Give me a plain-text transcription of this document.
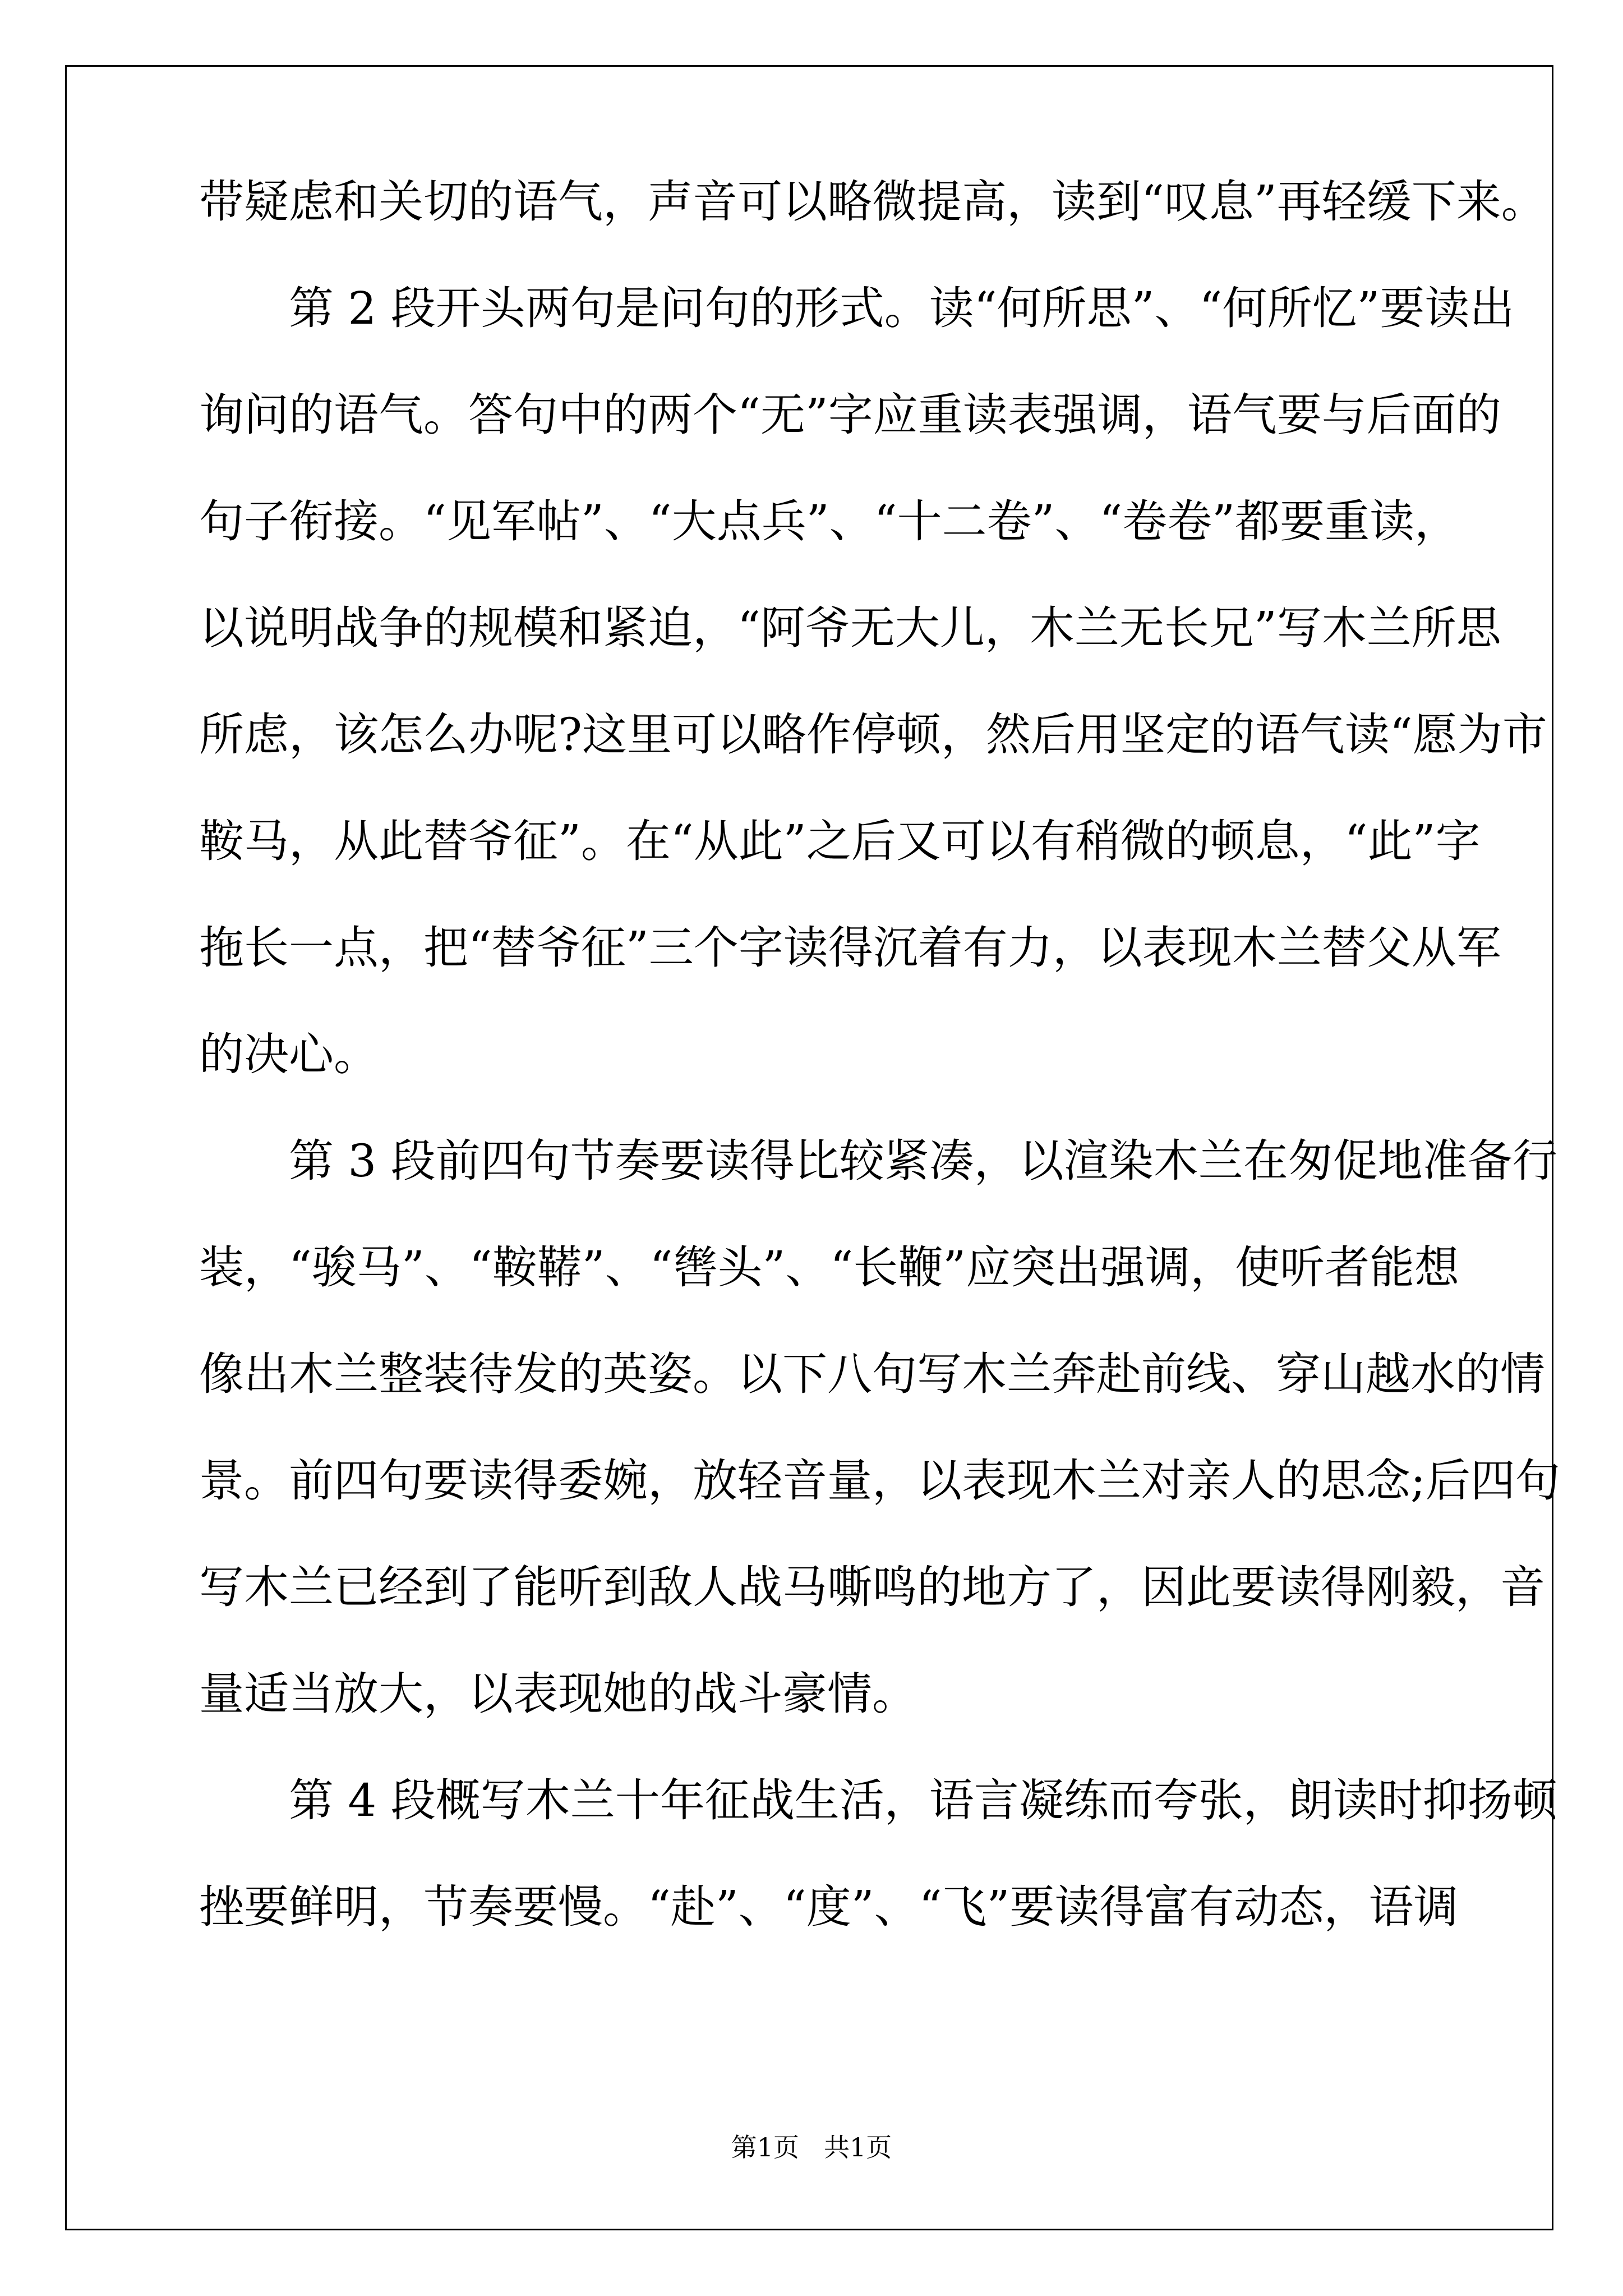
带疑虑和关切的语气，声音可以略微提高，读到“叹息”再轻缓下来。
　　第 2 段开头两句是问句的形式。读“何所思”、“何所忆”要读出
询问的语气。答句中的两个“无”字应重读表强调，语气要与后面的
句子衔接。“见军帖”、“大点兵”、“十二卷”、“卷卷”都要重读，
以说明战争的规模和紧迫，“阿爷无大儿，木兰无长兄”写木兰所思
所虑，该怎么办呢?这里可以略作停顿，然后用坚定的语气读“愿为市
鞍马，从此替爷征”。在“从此”之后又可以有稍微的顿息，“此”字
拖长一点，把“替爷征”三个字读得沉着有力，以表现木兰替父从军
的决心。
　　第 3 段前四句节奏要读得比较紧凑，以渲染木兰在匆促地准备行
装，“骏马”、“鞍鞯”、“辔头”、“长鞭”应突出强调，使听者能想
像出木兰整装待发的英姿。以下八句写木兰奔赴前线、穿山越水的情
景。前四句要读得委婉，放轻音量，以表现木兰对亲人的思念;后四句
写木兰已经到了能听到敌人战马嘶鸣的地方了，因此要读得刚毅，音
量适当放大，以表现她的战斗豪情。
　　第 4 段概写木兰十年征战生活，语言凝练而夸张，朗读时抑扬顿
挫要鲜明，节奏要慢。“赴”、“度”、“飞”要读得富有动态，语调
第1页 共1页
